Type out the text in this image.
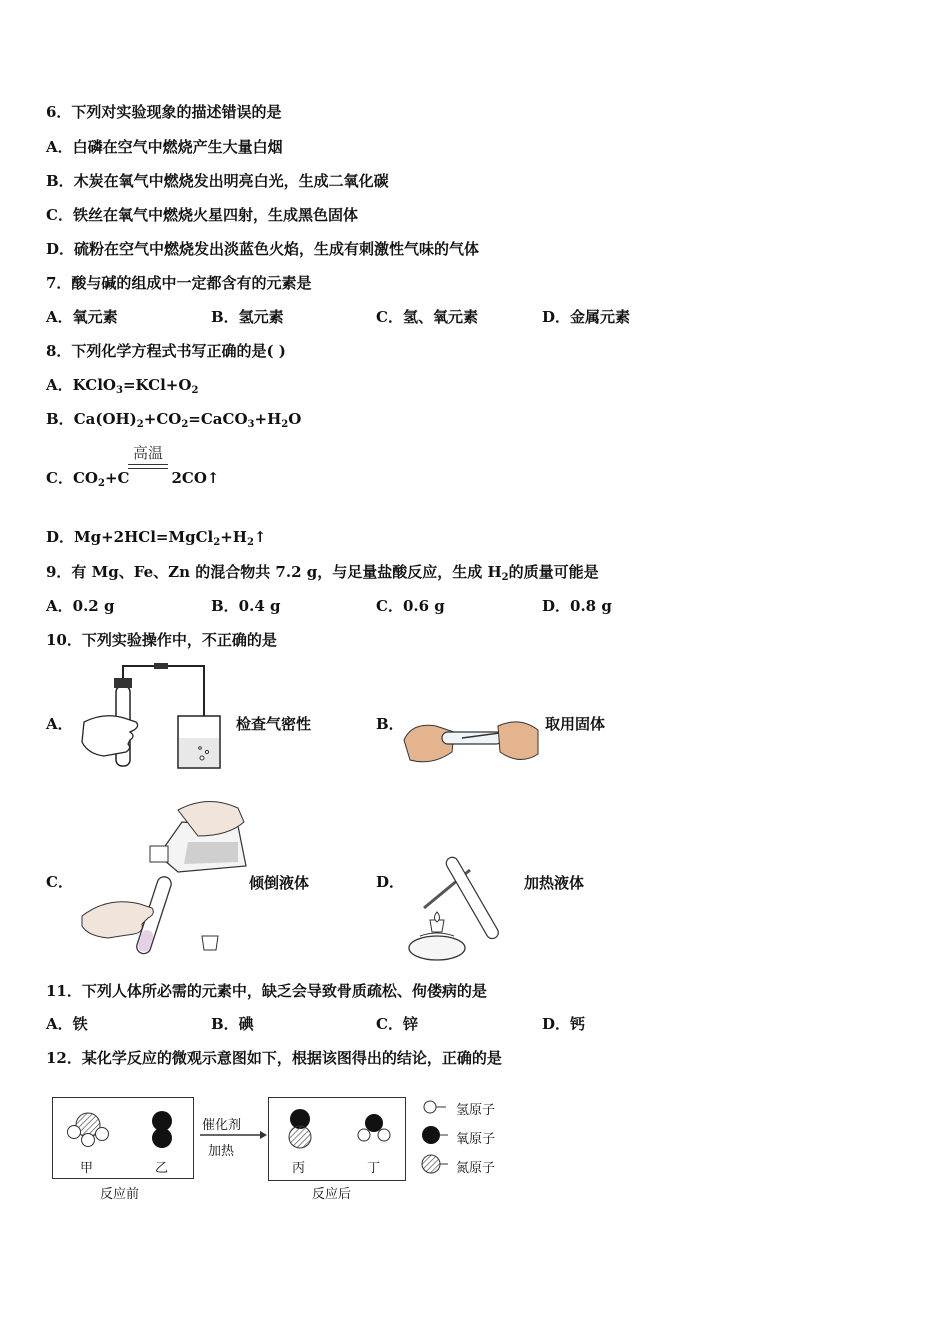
6．下列对实验现象的描述错误的是
A．白磷在空气中燃烧产生大量白烟
B．木炭在氧气中燃烧发出明亮白光，生成二氧化碳
C．铁丝在氧气中燃烧火星四射，生成黑色固体
D．硫粉在空气中燃烧发出淡蓝色火焰，生成有刺激性气味的气体
7．酸与碱的组成中一定都含有的元素是
A．氧元素	B．氢元素	C．氢、氧元素	D．金属元素
8．下列化学方程式书写正确的是( )
A．$KClO_3=KCl+O_2$
B．$Ca(OH)_2+CO_2=CaCO_3+H_2O$
C．$CO_2+C$	2CO↑
高温
D．$Mg+2HCl=MgCl_2+H_2↑$
9．有 Mg、Fe、Zn 的混合物共 7.2 g，与足量盐酸反应，生成 $H_2$的质量可能是
A．0.2 g	B．0.4 g	C．0.6 g	D．0.8 g
10．下列实验操作中，不正确的是
A．	检查气密性	B．	取用固体
C．	倾倒液体	D．	加热液体
11．下列人体所必需的元素中，缺乏会导致骨质疏松、佝偻病的是
A．铁	B．碘	C．锌	D．钙
12．某化学反应的微观示意图如下，根据该图得出的结论，正确的是
甲	乙
反应前
催化剂
加热
丙	丁
反应后
氢原子
氧原子
氮原子
